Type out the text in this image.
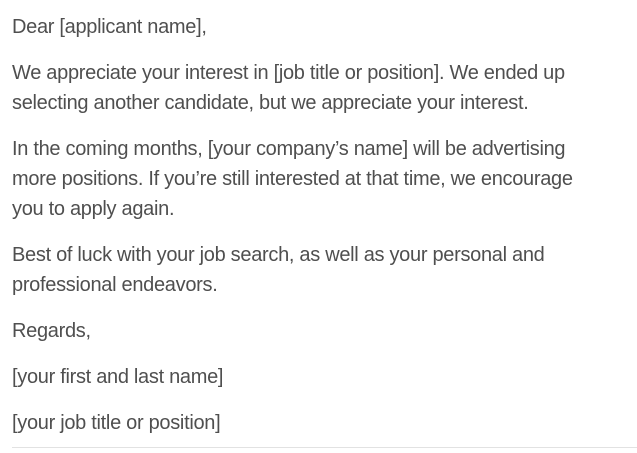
Dear [applicant name],

We appreciate your interest in [job title or position]. We ended up
selecting another candidate, but we appreciate your interest.

In the coming months, [your company’s name] will be advertising
more positions. If you’re still interested at that time, we encourage
you to apply again.

Best of luck with your job search, as well as your personal and
professional endeavors.

Regards,

[your first and last name]

[your job title or position]
